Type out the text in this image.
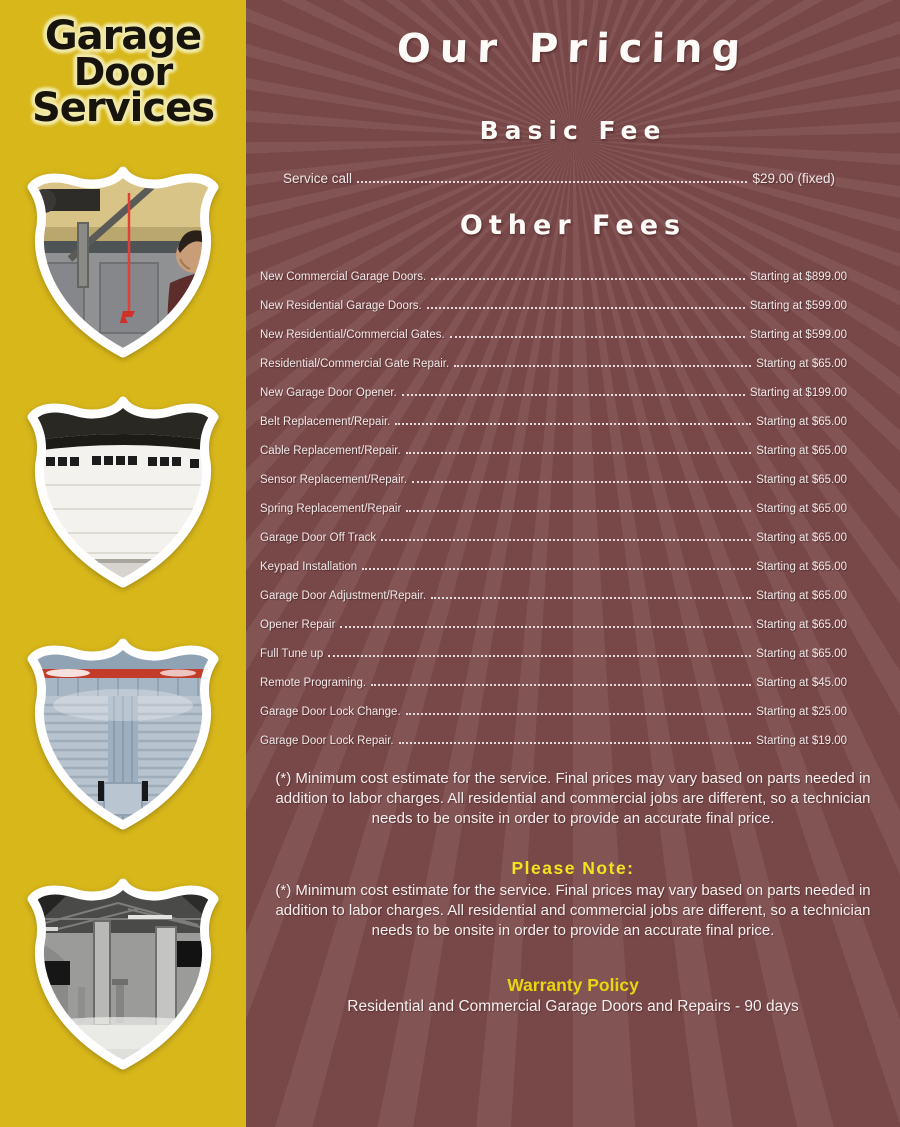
Garage
Door
Services
Our Pricing
Basic Fee
Service call	$29.00 (fixed)
Other Fees
New Commercial Garage Doors.	Starting at $899.00
New Residential Garage Doors.	Starting at $599.00
New Residential/Commercial Gates.	Starting at $599.00
Residential/Commercial Gate Repair.	Starting at $65.00
New Garage Door Opener.	Starting at $199.00
Belt Replacement/Repair.	Starting at $65.00
Cable Replacement/Repair.	Starting at $65.00
Sensor Replacement/Repair.	Starting at $65.00
Spring Replacement/Repair	Starting at $65.00
Garage Door Off Track	Starting at $65.00
Keypad Installation	Starting at $65.00
Garage Door Adjustment/Repair.	Starting at $65.00
Opener Repair	Starting at $65.00
Full Tune up	Starting at $65.00
Remote Programing.	Starting at $45.00
Garage Door Lock Change.	Starting at $25.00
Garage Door Lock Repair.	Starting at $19.00

(*) Minimum cost estimate for the service. Final prices may vary based on parts needed in addition to labor charges. All residential and commercial jobs are different, so a technician needs to be onsite in order to provide an accurate final price.

Please Note:

(*) Minimum cost estimate for the service. Final prices may vary based on parts needed in addition to labor charges. All residential and commercial jobs are different, so a technician needs to be onsite in order to provide an accurate final price.

Warranty Policy

Residential and Commercial Garage Doors and Repairs - 90 days
